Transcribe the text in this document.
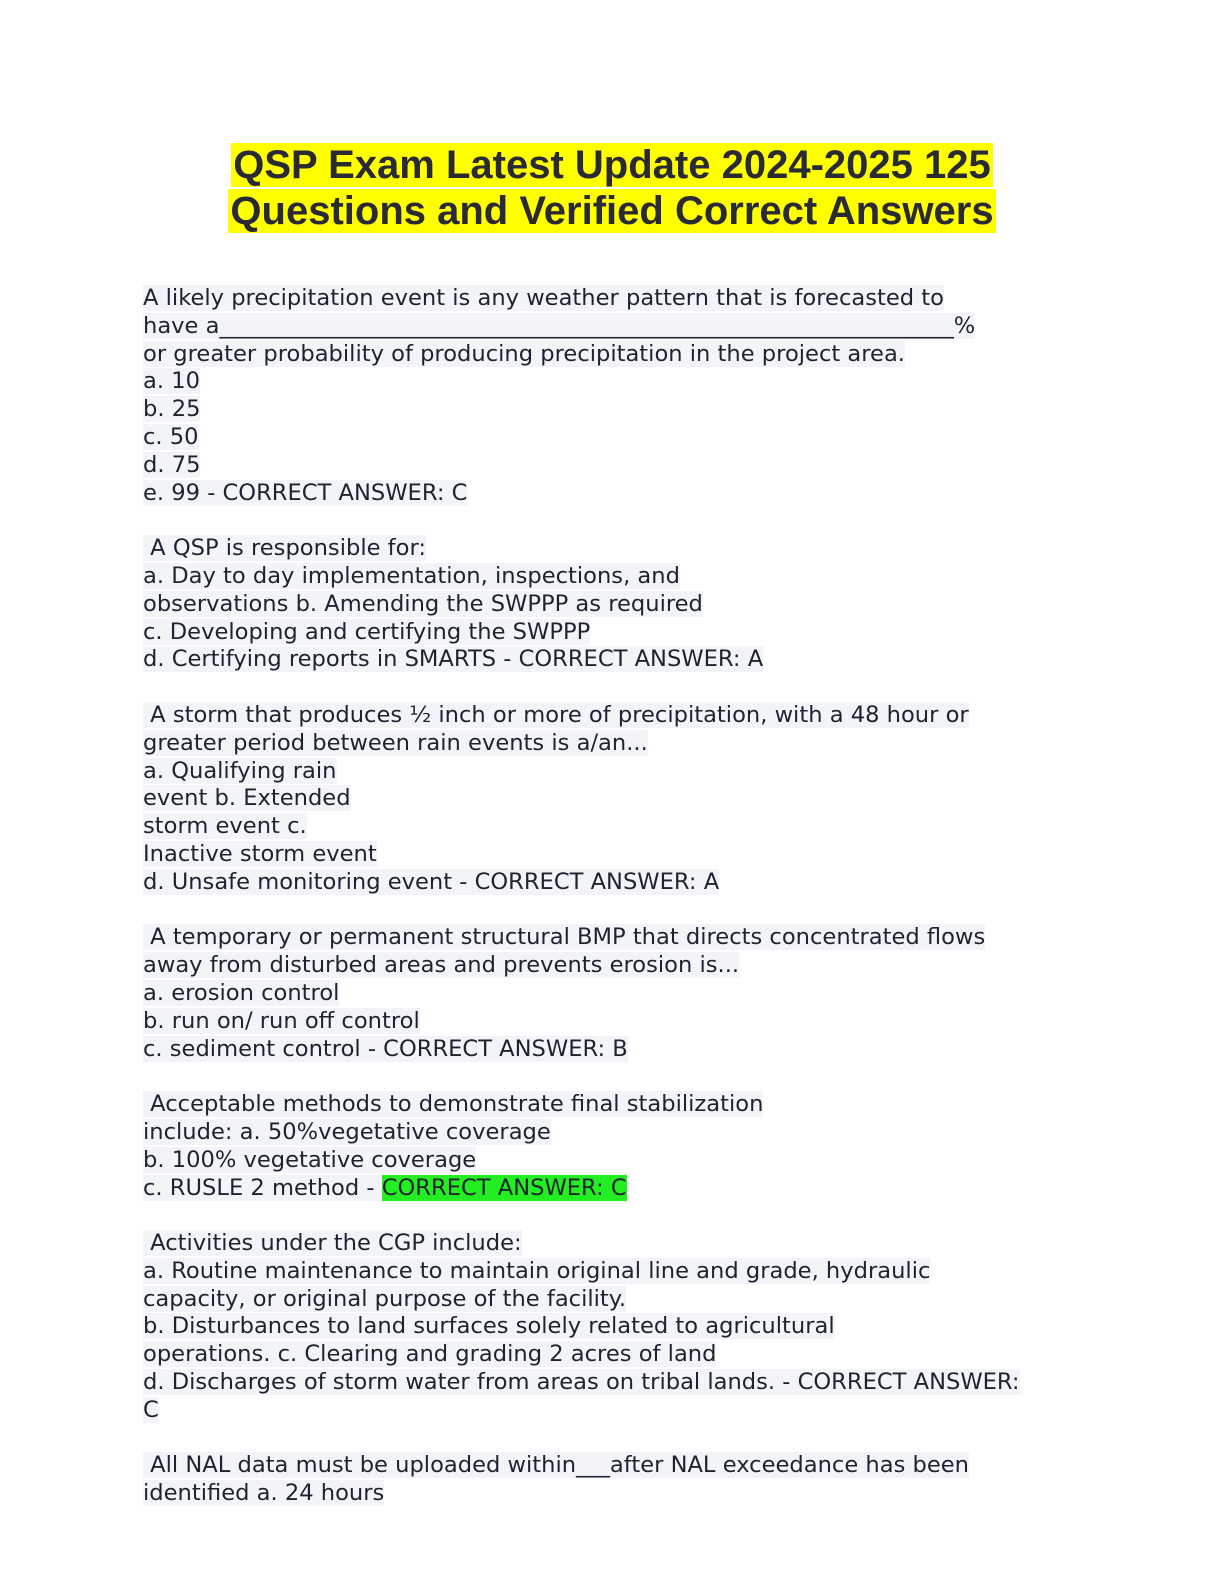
QSP Exam Latest Update 2024-2025 125
Questions and Verified Correct Answers
A likely precipitation event is any weather pattern that is forecasted to
have a_________________________________________________________________%
or greater probability of producing precipitation in the project area.
a. 10
b. 25
c. 50
d. 75
e. 99 - CORRECT ANSWER: C
A QSP is responsible for:
a. Day to day implementation, inspections, and
observations b. Amending the SWPPP as required
c. Developing and certifying the SWPPP
d. Certifying reports in SMARTS - CORRECT ANSWER: A
A storm that produces ½ inch or more of precipitation, with a 48 hour or
greater period between rain events is a/an...
a. Qualifying rain
event b. Extended
storm event c.
Inactive storm event
d. Unsafe monitoring event - CORRECT ANSWER: A
A temporary or permanent structural BMP that directs concentrated flows
away from disturbed areas and prevents erosion is...
a. erosion control
b. run on/ run off control
c. sediment control - CORRECT ANSWER: B
Acceptable methods to demonstrate final stabilization
include: a. 50%vegetative coverage
b. 100% vegetative coverage
c. RUSLE 2 method - CORRECT ANSWER: C
Activities under the CGP include:
a. Routine maintenance to maintain original line and grade, hydraulic
capacity, or original purpose of the facility.
b. Disturbances to land surfaces solely related to agricultural
operations. c. Clearing and grading 2 acres of land
d. Discharges of storm water from areas on tribal lands. - CORRECT ANSWER:
C
All NAL data must be uploaded within___after NAL exceedance has been
identified a. 24 hours
